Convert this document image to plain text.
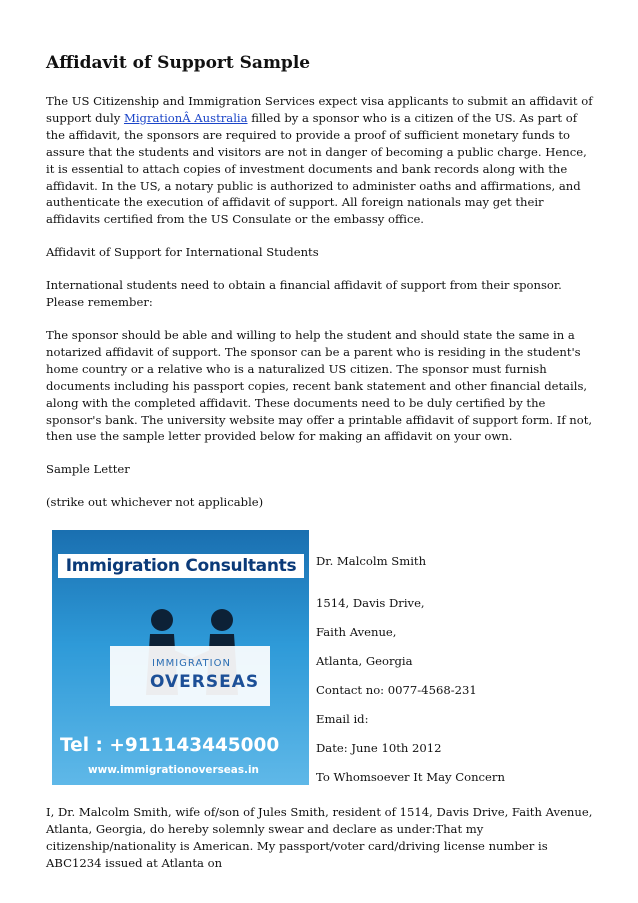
Affidavit of Support Sample

The US Citizenship and Immigration Services expect visa applicants to submit an affidavit of support duly MigrationÂ Australia filled by a sponsor who is a citizen of the US. As part of the affidavit, the sponsors are required to provide a proof of sufficient monetary funds to assure that the students and visitors are not in danger of becoming a public charge. Hence, it is essential to attach copies of investment documents and bank records along with the affidavit. In the US, a notary public is authorized to administer oaths and affirmations, and authenticate the execution of affidavit of support. All foreign nationals may get their affidavits certified from the US Consulate or the embassy office.

Affidavit of Support for International Students

International students need to obtain a financial affidavit of support from their sponsor. Please remember:

The sponsor should be able and willing to help the student and should state the same in a notarized affidavit of support. The sponsor can be a parent who is residing in the student's home country or a relative who is a naturalized US citizen. The sponsor must furnish documents including his passport copies, recent bank statement and other financial details, along with the completed affidavit. These documents need to be duly certified by the sponsor's bank. The university website may offer a printable affidavit of support form. If not, then use the sample letter provided below for making an affidavit on your own.

Sample Letter

(strike out whichever not applicable)

Immigration Consultants
IMMIGRATION
OVERSEAS
Tel : +91114344500​0
www.immigrationoverseas.in
Dr. Malcolm Smith
1514, Davis Drive,
Faith Avenue,
Atlanta, Georgia
Contact no: 0077-4568-231
Email id:
Date: June 10th 2012
To Whomsoever It May Concern

I, Dr. Malcolm Smith, wife of/son of Jules Smith, resident of 1514, Davis Drive, Faith Avenue, Atlanta, Georgia, do hereby solemnly swear and declare as under:That my citizenship/nationality is American. My passport/voter card/driving license number is ABC1234 issued at Atlanta on
